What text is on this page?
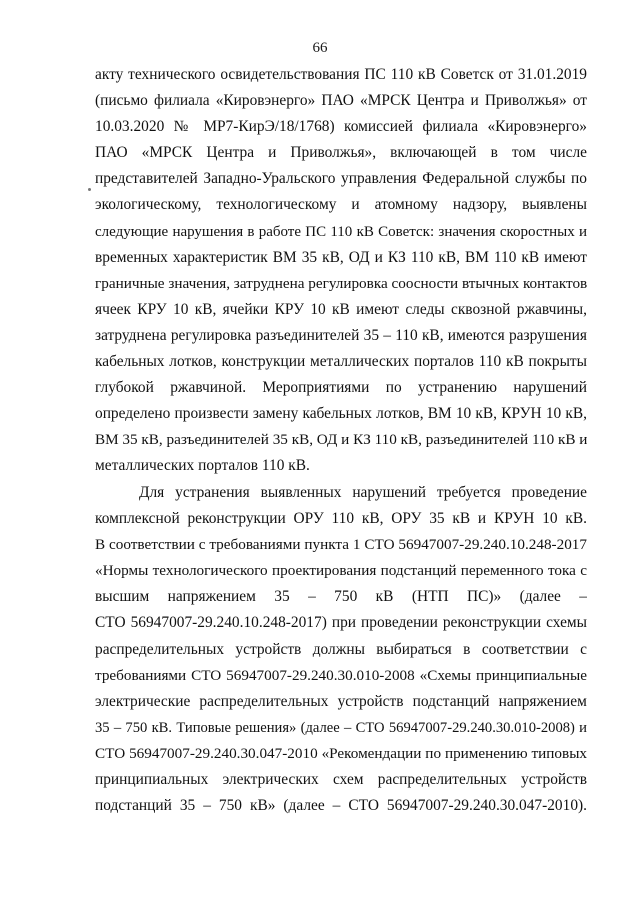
66
акту технического освидетельствования ПС 110 кВ Советск от 31.01.2019
(письмо филиала «Кировэнерго» ПАО «МРСК Центра и Приволжья» от
10.03.2020 № МР7-КирЭ/18/1768) комиссией филиала «Кировэнерго»
ПАО «МРСК Центра и Приволжья», включающей в том числе
представителей Западно-Уральского управления Федеральной службы по
экологическому, технологическому и атомному надзору, выявлены
следующие нарушения в работе ПС 110 кВ Советск: значения скоростных и
временных характеристик ВМ 35 кВ, ОД и КЗ 110 кВ, ВМ 110 кВ имеют
граничные значения, затруднена регулировка соосности втычных контактов
ячеек КРУ 10 кВ, ячейки КРУ 10 кВ имеют следы сквозной ржавчины,
затруднена регулировка разъединителей 35 – 110 кВ, имеются разрушения
кабельных лотков, конструкции металлических порталов 110 кВ покрыты
глубокой ржавчиной. Мероприятиями по устранению нарушений
определено произвести замену кабельных лотков, ВМ 10 кВ, КРУН 10 кВ,
ВМ 35 кВ, разъединителей 35 кВ, ОД и КЗ 110 кВ, разъединителей 110 кВ и
металлических порталов 110 кВ.
Для устранения выявленных нарушений требуется проведение
комплексной реконструкции ОРУ 110 кВ, ОРУ 35 кВ и КРУН 10 кВ.
В соответствии с требованиями пункта 1 СТО 56947007-29.240.10.248-2017
«Нормы технологического проектирования подстанций переменного тока с
высшим напряжением 35 – 750 кВ (НТП ПС)» (далее –
СТО 56947007-29.240.10.248-2017) при проведении реконструкции схемы
распределительных устройств должны выбираться в соответствии с
требованиями СТО 56947007-29.240.30.010-2008 «Схемы принципиальные
электрические распределительных устройств подстанций напряжением
35 – 750 кВ. Типовые решения» (далее – СТО 56947007-29.240.30.010-2008) и
СТО 56947007-29.240.30.047-2010 «Рекомендации по применению типовых
принципиальных электрических схем распределительных устройств
подстанций 35 – 750 кВ» (далее – СТО 56947007-29.240.30.047-2010).
